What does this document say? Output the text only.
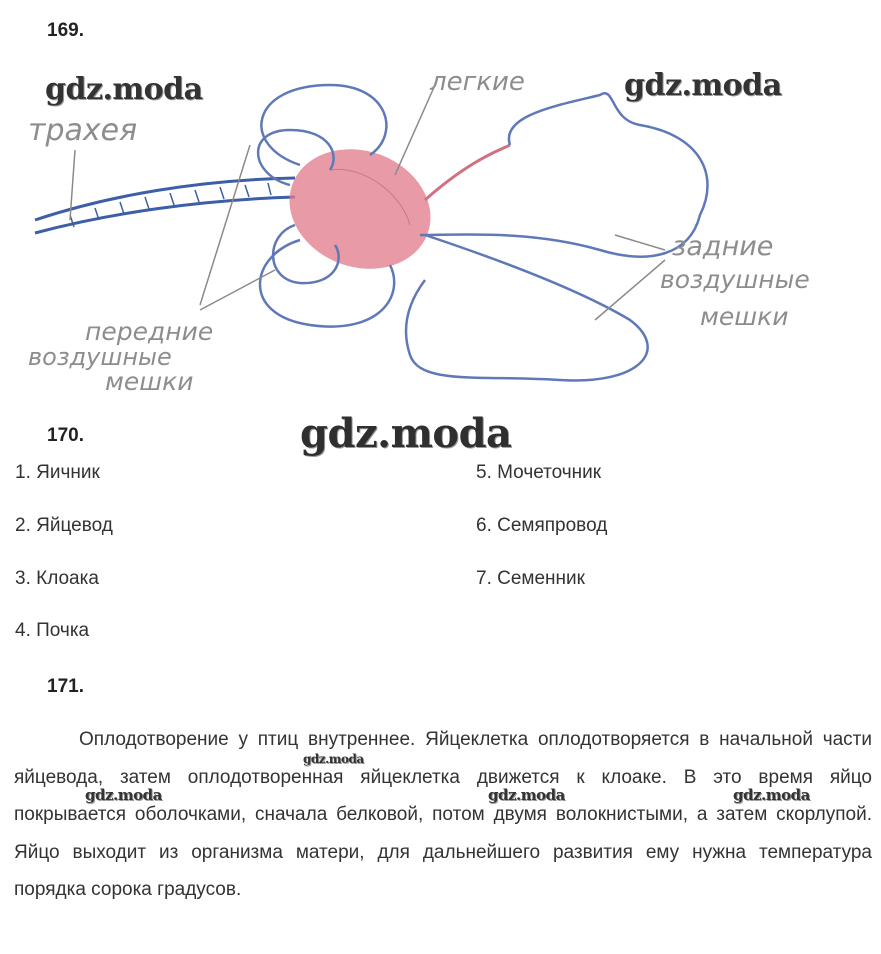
169.
трахея
легкие
задние
воздушные
мешки
передние
воздушные
мешки
gdz.moda	gdz.moda
170.	gdz.moda
1. Яичник
2. Яйцевод
3. Клоака
4. Почка
5. Мочеточник
6. Семяпровод
7. Семенник
171.

Оплодотворение у птиц внутреннее. Яйцеклетка оплодотворяется в начальной части яйцевода, затем оплодотворенная яйцеклетка движется к клоаке. В это время яйцо покрывается оболочками, сначала белковой, потом двумя волокнистыми, а затем скорлупой. Яйцо выходит из организма матери, для дальнейшего развития ему нужна температура порядка сорока градусов.

gdz.moda
gdz.moda	gdz.moda	gdz.moda
